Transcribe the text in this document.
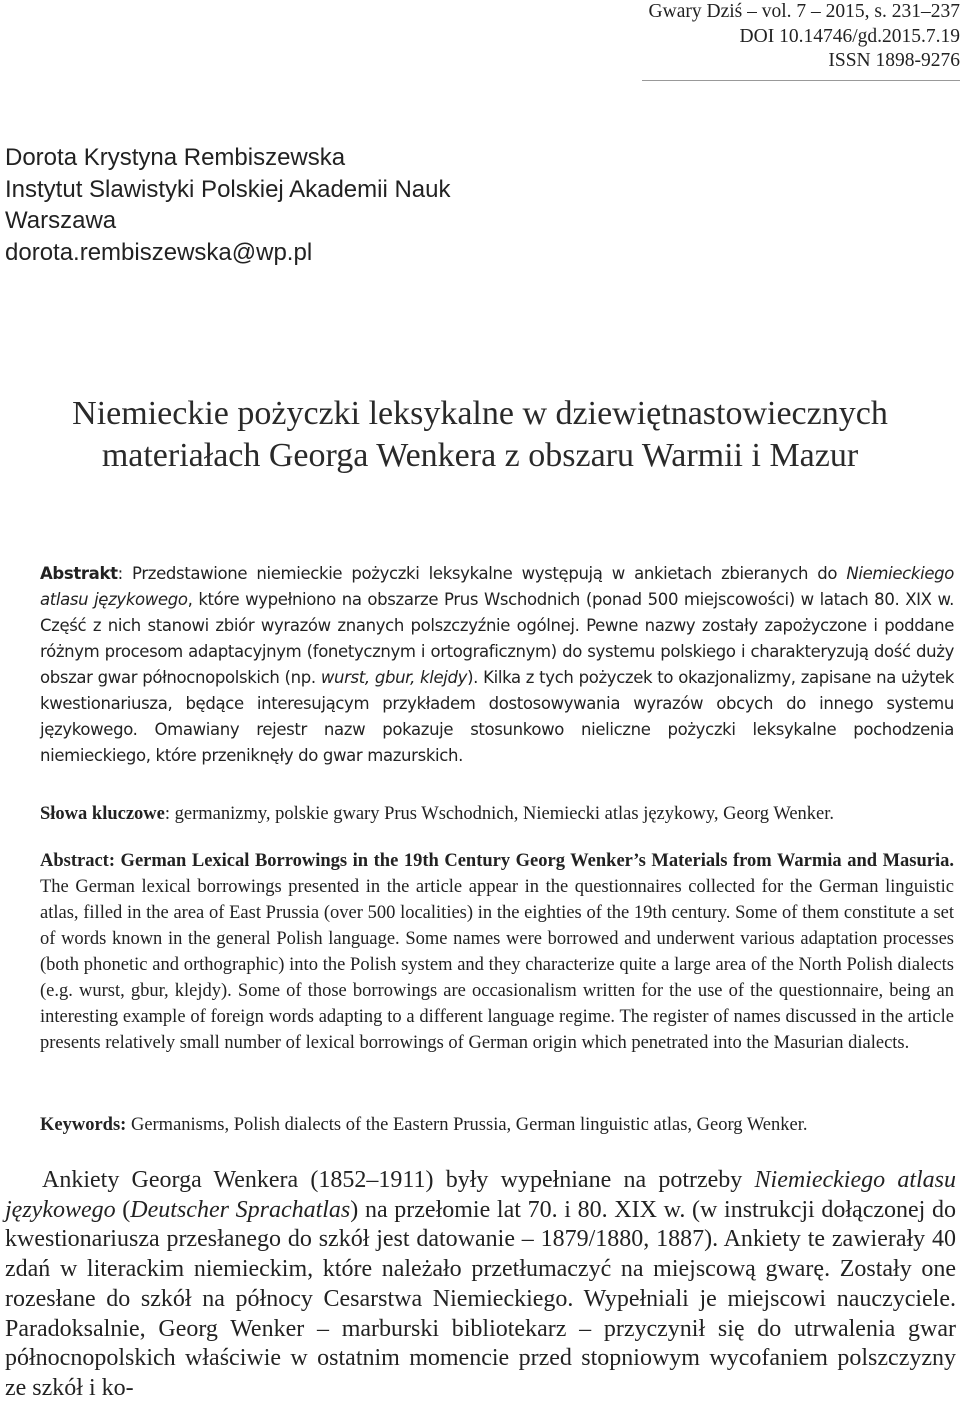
Gwary Dziś – vol. 7 – 2015, s. 231–237
DOI 10.14746/gd.2015.7.19
ISSN 1898-9276
Dorota Krystyna Rembiszewska
Instytut Slawistyki Polskiej Akademii Nauk
Warszawa
dorota.rembiszewska@wp.pl
Niemieckie pożyczki leksykalne w dziewiętnastowiecznych
materiałach Georga Wenkera z obszaru Warmii i Mazur

Abstrakt: Przedstawione niemieckie pożyczki leksykalne występują w ankietach zbieranych do Niemieckiego atlasu językowego, które wypełniono na obszarze Prus Wschodnich (ponad 500 miejscowości) w latach 80. XIX w. Część z nich stanowi zbiór wyrazów znanych polszczyźnie ogólnej. Pewne nazwy zostały zapożyczone i poddane różnym procesom adaptacyjnym (fonetycznym i ortograficznym) do systemu polskiego i charakteryzują dość duży obszar gwar północnopolskich (np. wurst, gbur, klejdy). Kilka z tych pożyczek to okazjonalizmy, zapisane na użytek kwestionariusza, będące interesującym przykładem dostosowywania wyrazów obcych do innego systemu językowego. Omawiany rejestr nazw pokazuje stosunkowo nieliczne pożyczki leksykalne pochodzenia niemieckiego, które przeniknęły do gwar mazurskich.

Słowa kluczowe: germanizmy, polskie gwary Prus Wschodnich, Niemiecki atlas językowy, Georg Wenker.

Abstract: German Lexical Borrowings in the 19th Century Georg Wenker’s Materials from Warmia and Masuria. The German lexical borrowings presented in the article appear in the questionnaires collected for the German linguistic atlas, filled in the area of East Prussia (over 500 localities) in the eighties of the 19th century. Some of them constitute a set of words known in the general Polish language. Some names were borrowed and underwent various adaptation processes (both phonetic and orthographic) into the Polish system and they characterize quite a large area of the North Polish dialects (e.g. wurst, gbur, klejdy). Some of those borrowings are occasionalism written for the use of the questionnaire, being an interesting example of foreign words adapting to a different language regime. The register of names discussed in the article presents relatively small number of lexical borrowings of German origin which penetrated into the Masurian dialects.

Keywords: Germanisms, Polish dialects of the Eastern Prussia, German linguistic atlas, Georg Wenker.

Ankiety Georga Wenkera (1852–1911) były wypełniane na potrzeby Niemieckiego atlasu językowego (Deutscher Sprachatlas) na przełomie lat 70. i 80. XIX w. (w instrukcji dołączonej do kwestionariusza przesłanego do szkół jest datowanie – 1879/1880, 1887). Ankiety te zawierały 40 zdań w literackim niemieckim, które należało przetłumaczyć na miejscową gwarę. Zostały one rozesłane do szkół na północy Cesarstwa Niemieckiego. Wypełniali je miejscowi nauczyciele. Paradoksalnie, Georg Wenker – marburski bibliotekarz – przyczynił się do utrwalenia gwar północnopolskich właściwie w ostatnim momencie przed stopniowym wycofaniem polszczyzny ze szkół i ko-
